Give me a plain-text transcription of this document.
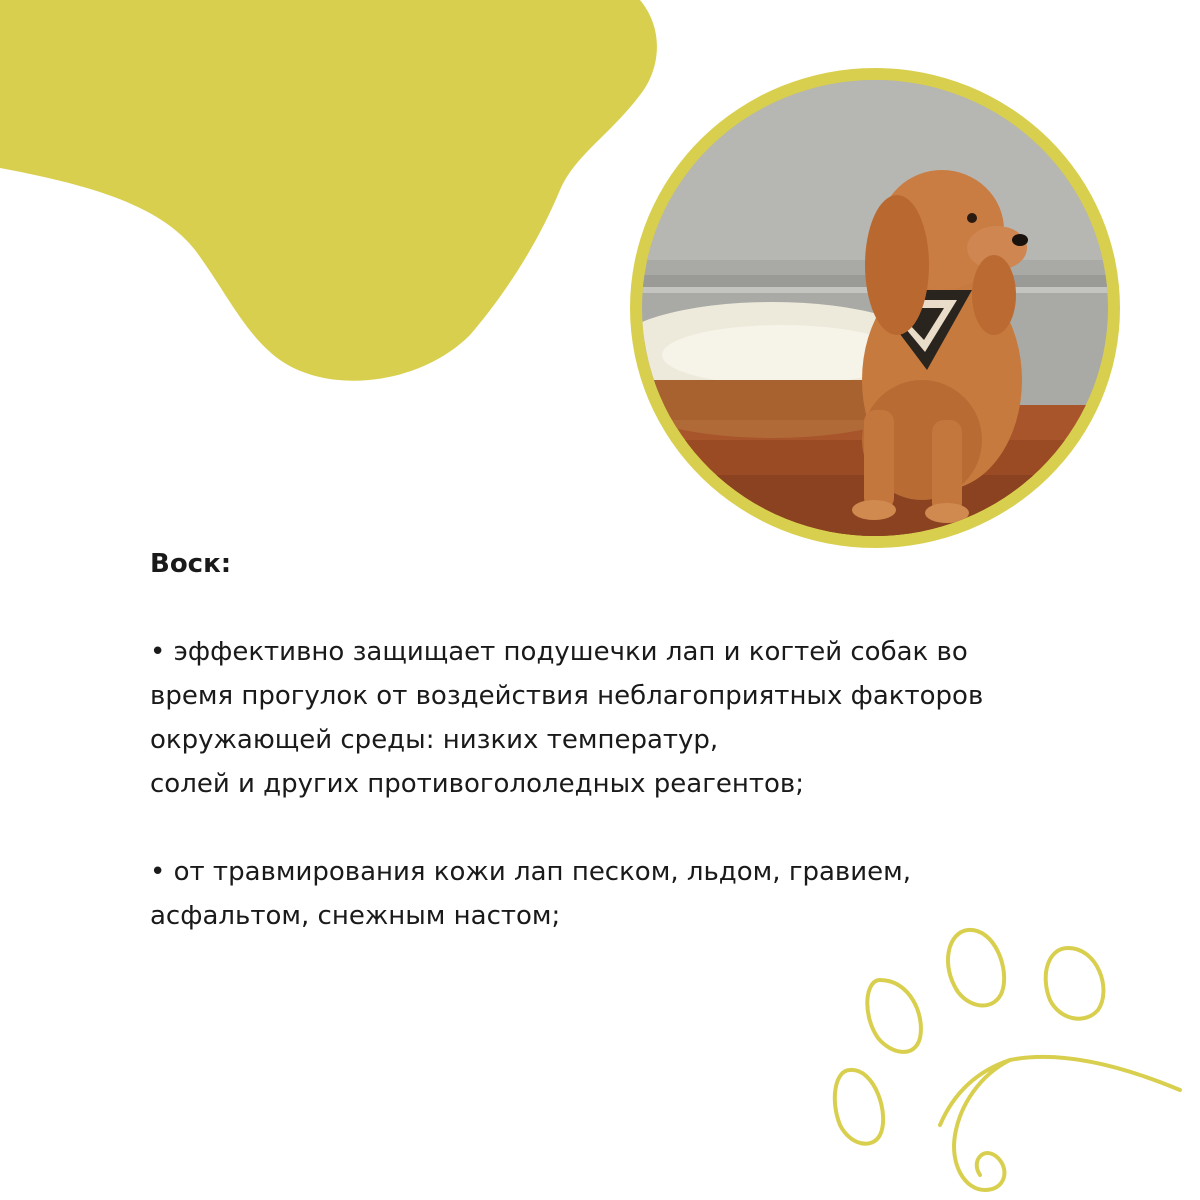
Воск:

• эффективно защищает подушечки лап и когтей собак во
время прогулок от воздействия неблагоприятных факторов
окружающей среды: низких температур,
солей и других противогололедных реагентов;

• от травмирования кожи лап песком, льдом, гравием,
асфальтом, снежным настом;
